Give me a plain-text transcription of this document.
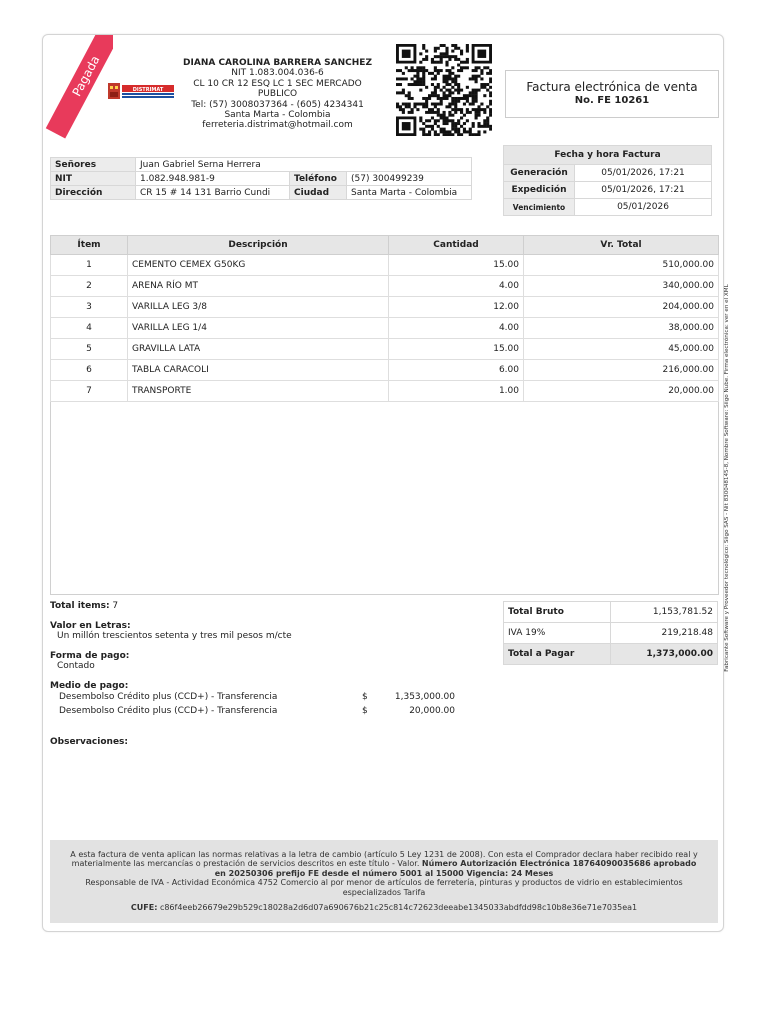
Pagada	DISTRIMAT
DIANA CAROLINA BARRERA SANCHEZ
NIT 1.083.004.036-6
CL 10 CR 12 ESQ LC 1 SEC MERCADO PUBLICO
Tel: (57) 3008037364 - (605) 4234341
Santa Marta - Colombia
ferreteria.distrimat@hotmail.com
Factura electrónica de venta
No. FE 10261
Señores	Juan Gabriel Serna Herrera		
NIT	1.082.948.981-9	Teléfono	(57) 300499239
Dirección	CR 15 # 14 131 Barrio Cundi	Ciudad	Santa Marta - Colombia
Fecha y hora Factura	
Generación	05/01/2026, 17:21
Expedición	05/01/2026, 17:21
Vencimiento	05/01/2026
Ítem	Descripción	Cantidad	Vr. Total
1	CEMENTO CEMEX G50KG	15.00	510,000.00
2	ARENA RÍO MT	4.00	340,000.00
3	VARILLA LEG 3/8	12.00	204,000.00
4	VARILLA LEG 1/4	4.00	38,000.00
5	GRAVILLA LATA	15.00	45,000.00
6	TABLA CARACOLI	6.00	216,000.00
7	TRANSPORTE	1.00	20,000.00
Total items: 7
Valor en Letras:
Un millón trescientos setenta y tres mil pesos m/cte
Forma de pago:
Contado
Medio de pago:
Desembolso Crédito plus (CCD+) - Transferencia	$	1,353,000.00
Desembolso Crédito plus (CCD+) - Transferencia	$	20,000.00
Observaciones:
Total Bruto	1,153,781.52
IVA 19%	219,218.48
Total a Pagar	1,373,000.00
A esta factura de venta aplican las normas relativas a la letra de cambio (artículo 5 Ley 1231 de 2008). Con esta el Comprador declara haber recibido real y materialmente las mercancías o prestación de servicios descritos en este título - Valor. Número Autorización Electrónica 18764090035686 aprobado en 20250306 prefijo FE desde el número 5001 al 15000 Vigencia: 24 Meses
Responsable de IVA - Actividad Económica 4752 Comercio al por menor de artículos de ferretería, pinturas y productos de vidrio en establecimientos especializados Tarifa
CUFE: c86f4eeb26679e29b529c18028a2d6d07a690676b21c25c814c72623deeabe1345033abdfdd98c10b8e36e71e7035ea1
Fabricante Software y Proveedor tecnológico: Siigo SAS - Nit 830048145-8, Nombre Software: Siigo Nube. Firma electrónica: ver en el XML
